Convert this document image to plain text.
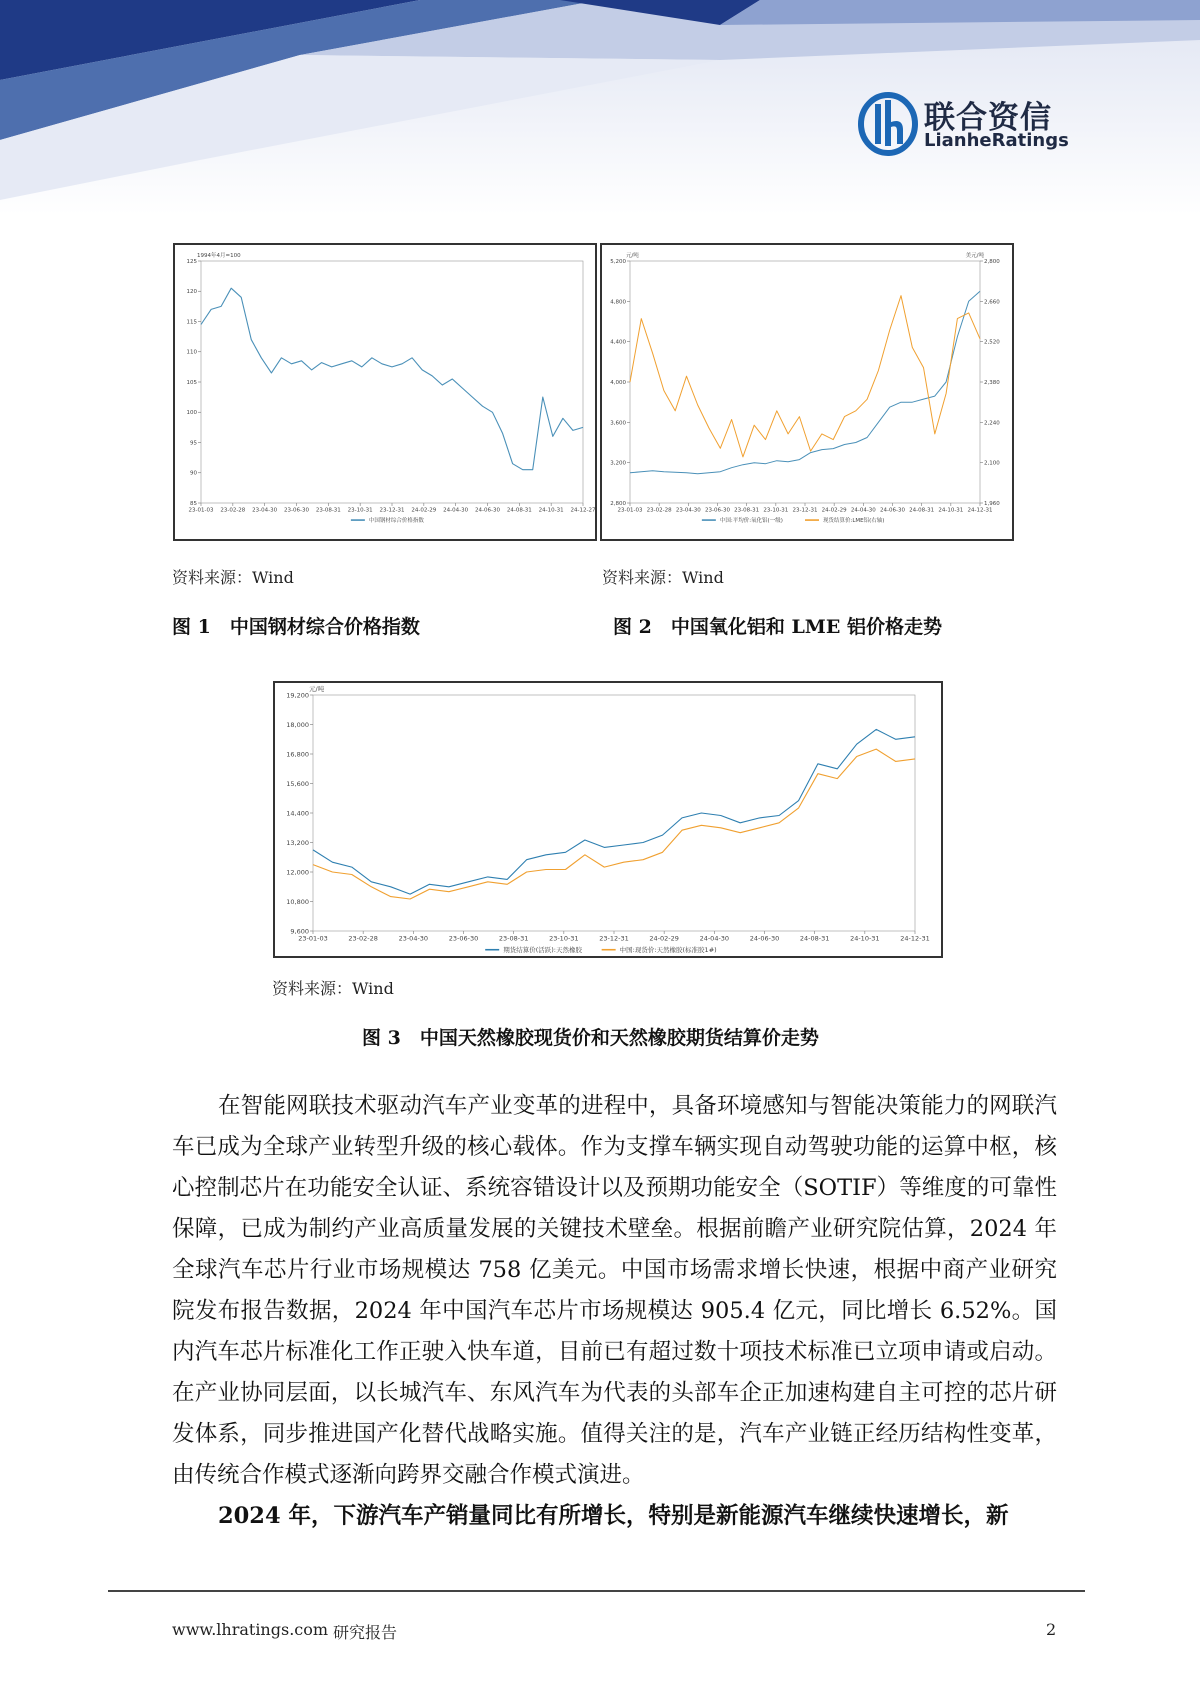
联合资信
LianheRatings
125
120
115
110
105
100
95
90
85
1994年4月=100
23-01-03 23-02-28 23-04-30 23-06-30 23-08-31 23-10-31 23-12-31 24-02-29 24-04-30 24-06-30 24-08-31 24-10-31 24-12-27
中国钢材综合价格指数
资料来源：Wind
图 1　中国钢材综合价格指数
5,200
4,800
4,400
4,000
3,600
3,200
2,800
元/吨
2,800
2,660
2,520
2,380
2,240
2,100
1,960
美元/吨
23-01-03 23-02-28 23-04-30 23-06-30 23-08-31 23-10-31 23-12-31 24-02-29 24-04-30 24-06-30 24-08-31 24-10-31 24-12-31
中国:平均价:氧化铝(一级)	现货结算价:LME铝(右轴)
资料来源：Wind
图 2　中国氧化铝和 LME 铝价格走势
19,200
18,000
16,800
15,600
14,400
13,200
12,000
10,800
9,600
元/吨
23-01-03	23-02-28	23-04-30	23-06-30	23-08-31	23-10-31	23-12-31	24-02-29	24-04-30	24-06-30	24-08-31	24-10-31	24-12-31
期货结算价(活跃):天然橡胶	中国:现货价:天然橡胶(标准胶1#)
资料来源：Wind
图 3　中国天然橡胶现货价和天然橡胶期货结算价走势

在智能网联技术驱动汽车产业变革的进程中，具备环境感知与智能决策能力的网联汽车已成为全球产业转型升级的核心载体。作为支撑车辆实现自动驾驶功能的运算中枢，核心控制芯片在功能安全认证、系统容错设计以及预期功能安全（SOTIF）等维度的可靠性保障，已成为制约产业高质量发展的关键技术壁垒。根据前瞻产业研究院估算，2024 年全球汽车芯片行业市场规模达 758 亿美元。中国市场需求增长快速，根据中商产业研究院发布报告数据，2024 年中国汽车芯片市场规模达 905.4 亿元，同比增长 6.52%。国内汽车芯片标准化工作正驶入快车道，目前已有超过数十项技术标准已立项申请或启动。在产业协同层面，以长城汽车、东风汽车为代表的头部车企正加速构建自主可控的芯片研发体系，同步推进国产化替代战略实施。值得关注的是，汽车产业链正经历结构性变革，由传统合作模式逐渐向跨界交融合作模式演进。

2024 年，下游汽车产销量同比有所增长，特别是新能源汽车继续快速增长，新

www.lhratings.com 研究报告	2
